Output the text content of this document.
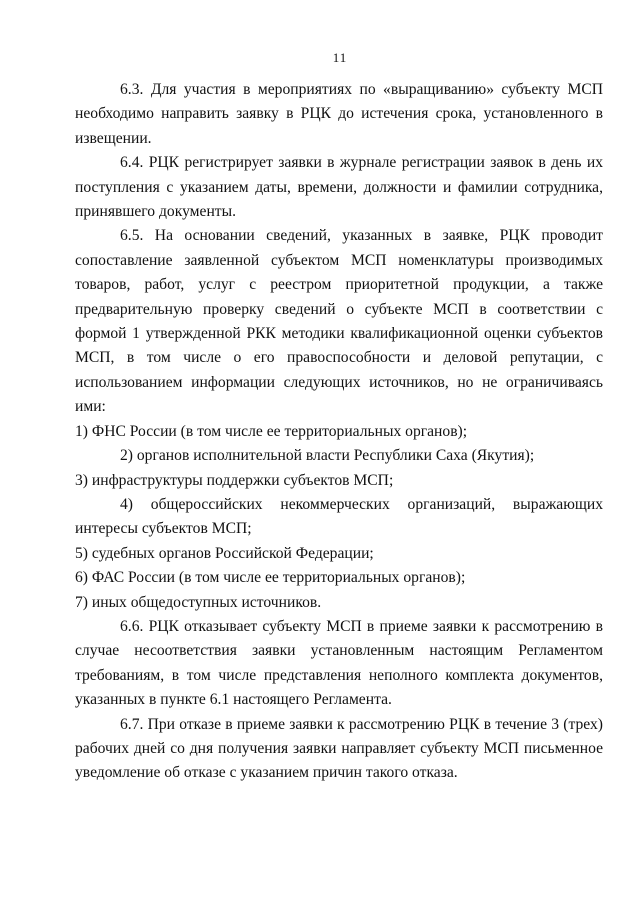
11

6.3. Для участия в мероприятиях по «выращиванию» субъекту МСП необходимо направить заявку в РЦК до истечения срока, установленного в извещении.

6.4. РЦК регистрирует заявки в журнале регистрации заявок в день их поступления с указанием даты, времени, должности и фамилии сотрудника, принявшего документы.

6.5. На основании сведений, указанных в заявке, РЦК проводит сопоставление заявленной субъектом МСП номенклатуры производимых товаров, работ, услуг с реестром приоритетной продукции, а также предварительную проверку сведений о субъекте МСП в соответствии с формой 1 утвержденной РКК методики квалификационной оценки субъектов МСП, в том числе о его правоспособности и деловой репутации, с использованием информации следующих источников, но не ограничиваясь ими:

1) ФНС России (в том числе ее территориальных органов);

2) органов исполнительной власти Республики Саха (Якутия);

3) инфраструктуры поддержки субъектов МСП;

4) общероссийских некоммерческих организаций, выражающих интересы субъектов МСП;

5) судебных органов Российской Федерации;

6) ФАС России (в том числе ее территориальных органов);

7) иных общедоступных источников.

6.6. РЦК отказывает субъекту МСП в приеме заявки к рассмотрению в случае несоответствия заявки установленным настоящим Регламентом требованиям, в том числе представления неполного комплекта документов, указанных в пункте 6.1 настоящего Регламента.

6.7. При отказе в приеме заявки к рассмотрению РЦК в течение 3 (трех) рабочих дней со дня получения заявки направляет субъекту МСП письменное уведомление об отказе с указанием причин такого отказа.
